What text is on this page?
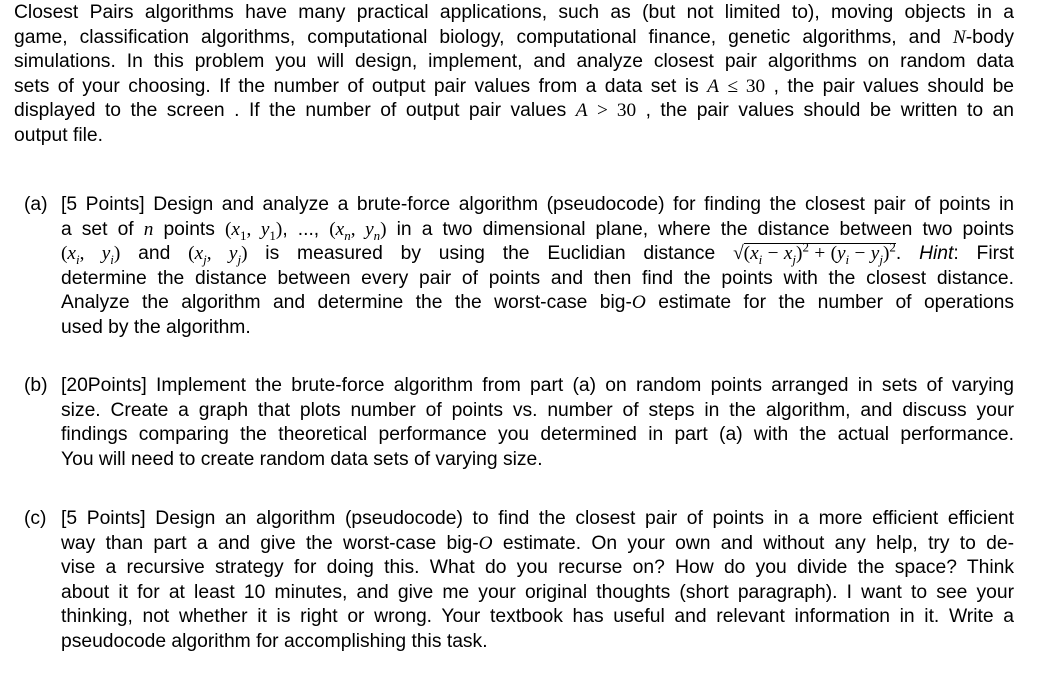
Closest Pairs algorithms have many practical applications, such as (but not limited to), moving objects in a
game, classification algorithms, computational biology, computational finance, genetic algorithms, and N-body
simulations. In this problem you will design, implement, and analyze closest pair algorithms on random data
sets of your choosing. If the number of output pair values from a data set is A ≤ 30 , the pair values should be
displayed to the screen . If the number of output pair values A > 30 , the pair values should be written to an
output file.
(a) [5 Points] Design and analyze a brute-force algorithm (pseudocode) for finding the closest pair of points in
a set of n points ($x_1$, $y_1$), ..., ($x_n$, $y_n$) in a two dimensional plane, where the distance between two points
($x_i$, $y_i$) and ($x_j$, $y_j$) is measured by using the Euclidian distance $√(x_i - x_j)^2 + (y_i - y_j)^2$. Hint: First
determine the distance between every pair of points and then find the points with the closest distance.
Analyze the algorithm and determine the the worst-case big-O estimate for the number of operations
used by the algorithm.
(b) [20Points] Implement the brute-force algorithm from part (a) on random points arranged in sets of varying
size. Create a graph that plots number of points vs. number of steps in the algorithm, and discuss your
findings comparing the theoretical performance you determined in part (a) with the actual performance.
You will need to create random data sets of varying size.
(c) [5 Points] Design an algorithm (pseudocode) to find the closest pair of points in a more efficient efficient
way than part a and give the worst-case big-O estimate. On your own and without any help, try to de-
vise a recursive strategy for doing this. What do you recurse on? How do you divide the space? Think
about it for at least 10 minutes, and give me your original thoughts (short paragraph). I want to see your
thinking, not whether it is right or wrong. Your textbook has useful and relevant information in it. Write a
pseudocode algorithm for accomplishing this task.
